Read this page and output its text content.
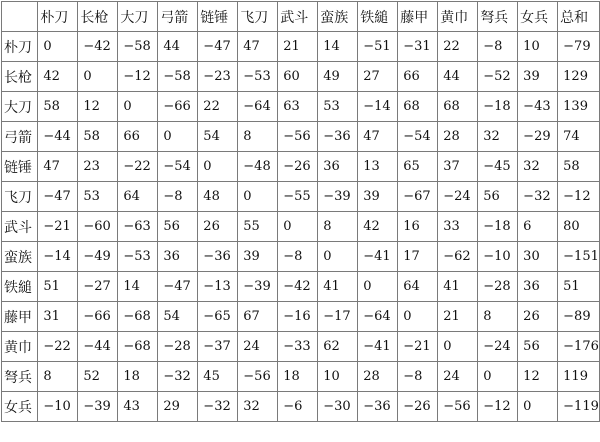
	朴刀	长枪	大刀	弓箭	链锤	飞刀	武斗	蛮族	铁縋	藤甲	黄巾	弩兵	女兵	总和
朴刀	0	−42	−58	44	−47	47	21	14	−51	−31	22	−8	10	−79
长枪	42	0	−12	−58	−23	−53	60	49	27	66	44	−52	39	129
大刀	58	12	0	−66	22	−64	63	53	−14	68	68	−18	−43	139
弓箭	−44	58	66	0	54	8	−56	−36	47	−54	28	32	−29	74
链锤	47	23	−22	−54	0	−48	−26	36	13	65	37	−45	32	58
飞刀	−47	53	64	−8	48	0	−55	−39	39	−67	−24	56	−32	−12
武斗	−21	−60	−63	56	26	55	0	8	42	16	33	−18	6	80
蛮族	−14	−49	−53	36	−36	39	−8	0	−41	17	−62	−10	30	−151
铁縋	51	−27	14	−47	−13	−39	−42	41	0	64	41	−28	36	51
藤甲	31	−66	−68	54	−65	67	−16	−17	−64	0	21	8	26	−89
黄巾	−22	−44	−68	−28	−37	24	−33	62	−41	−21	0	−24	56	−176
弩兵	8	52	18	−32	45	−56	18	10	28	−8	24	0	12	119
女兵	−10	−39	43	29	−32	32	−6	−30	−36	−26	−56	−12	0	−119
